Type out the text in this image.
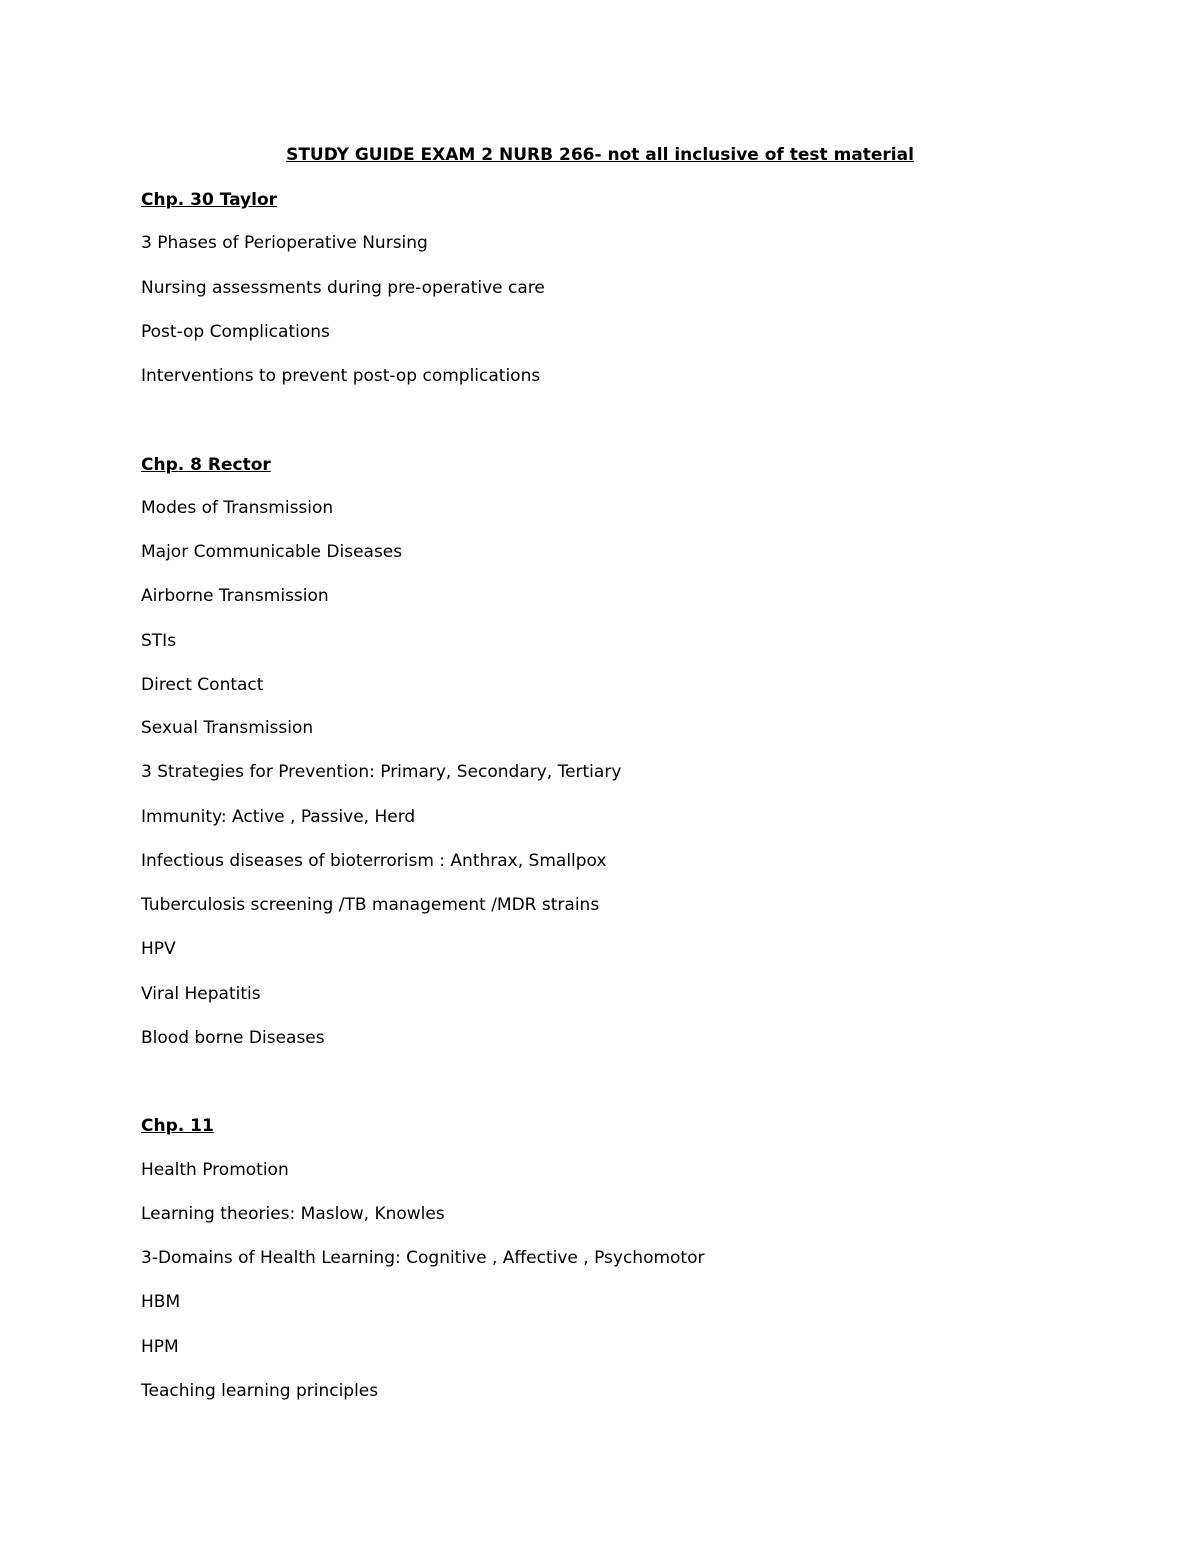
STUDY GUIDE EXAM 2 NURB 266- not all inclusive of test material
Chp. 30 Taylor
3 Phases of Perioperative Nursing
Nursing assessments during pre-operative care
Post-op Complications
Interventions to prevent post-op complications
Chp. 8 Rector
Modes of Transmission
Major Communicable Diseases
Airborne Transmission
STIs
Direct Contact
Sexual Transmission
3 Strategies for Prevention: Primary, Secondary, Tertiary
Immunity: Active , Passive, Herd
Infectious diseases of bioterrorism : Anthrax, Smallpox
Tuberculosis screening /TB management /MDR strains
HPV
Viral Hepatitis
Blood borne Diseases
Chp. 11
Health Promotion
Learning theories: Maslow, Knowles
3-Domains of Health Learning: Cognitive , Affective , Psychomotor
HBM
HPM
Teaching learning principles
